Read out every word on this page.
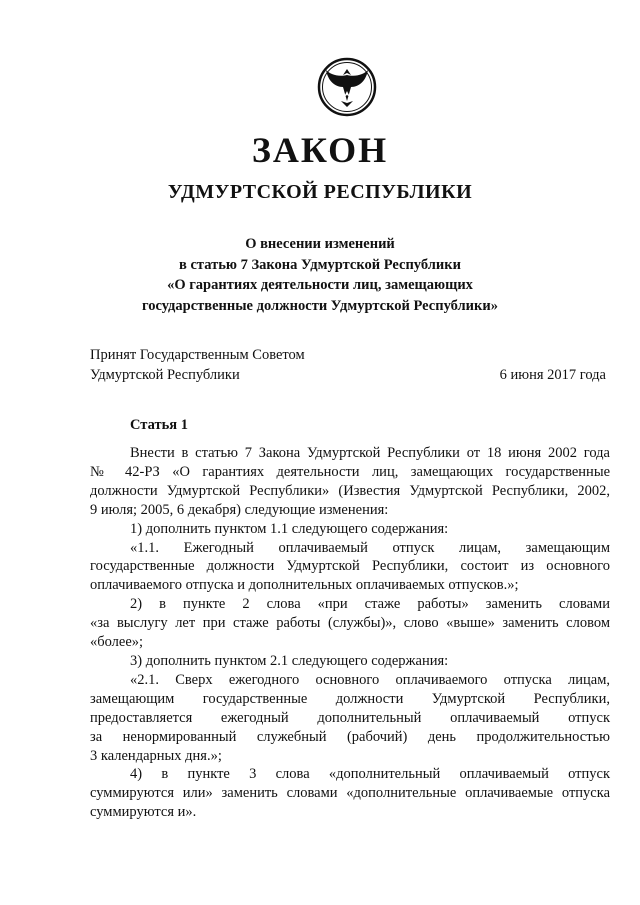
ЗАКОН
УДМУРТСКОЙ РЕСПУБЛИКИ
О внесении изменений
в статью 7 Закона Удмуртской Республики
«О гарантиях деятельности лиц, замещающих
государственные должности Удмуртской Республики»
Принят Государственным Советом
Удмуртской Республики	6 июня 2017 года
Статья 1

Внести в статью 7 Закона Удмуртской Республики от 18 июня 2002 года

№ 42-РЗ «О гарантиях деятельности лиц, замещающих государственные

должности Удмуртской Республики» (Известия Удмуртской Республики, 2002,

9 июля; 2005, 6 декабря) следующие изменения:

1) дополнить пунктом 1.1 следующего содержания:

«1.1. Ежегодный оплачиваемый отпуск лицам, замещающим

государственные должности Удмуртской Республики, состоит из основного

оплачиваемого отпуска и дополнительных оплачиваемых отпусков.»;

2) в пункте 2 слова «при стаже работы» заменить словами

«за выслугу лет при стаже работы (службы)», слово «выше» заменить словом

«более»;

3) дополнить пунктом 2.1 следующего содержания:

«2.1. Сверх ежегодного основного оплачиваемого отпуска лицам,

замещающим государственные должности Удмуртской Республики,

предоставляется ежегодный дополнительный оплачиваемый отпуск

за ненормированный служебный (рабочий) день продолжительностью

3 календарных дня.»;

4) в пункте 3 слова «дополнительный оплачиваемый отпуск

суммируются или» заменить словами «дополнительные оплачиваемые отпуска

суммируются и».
